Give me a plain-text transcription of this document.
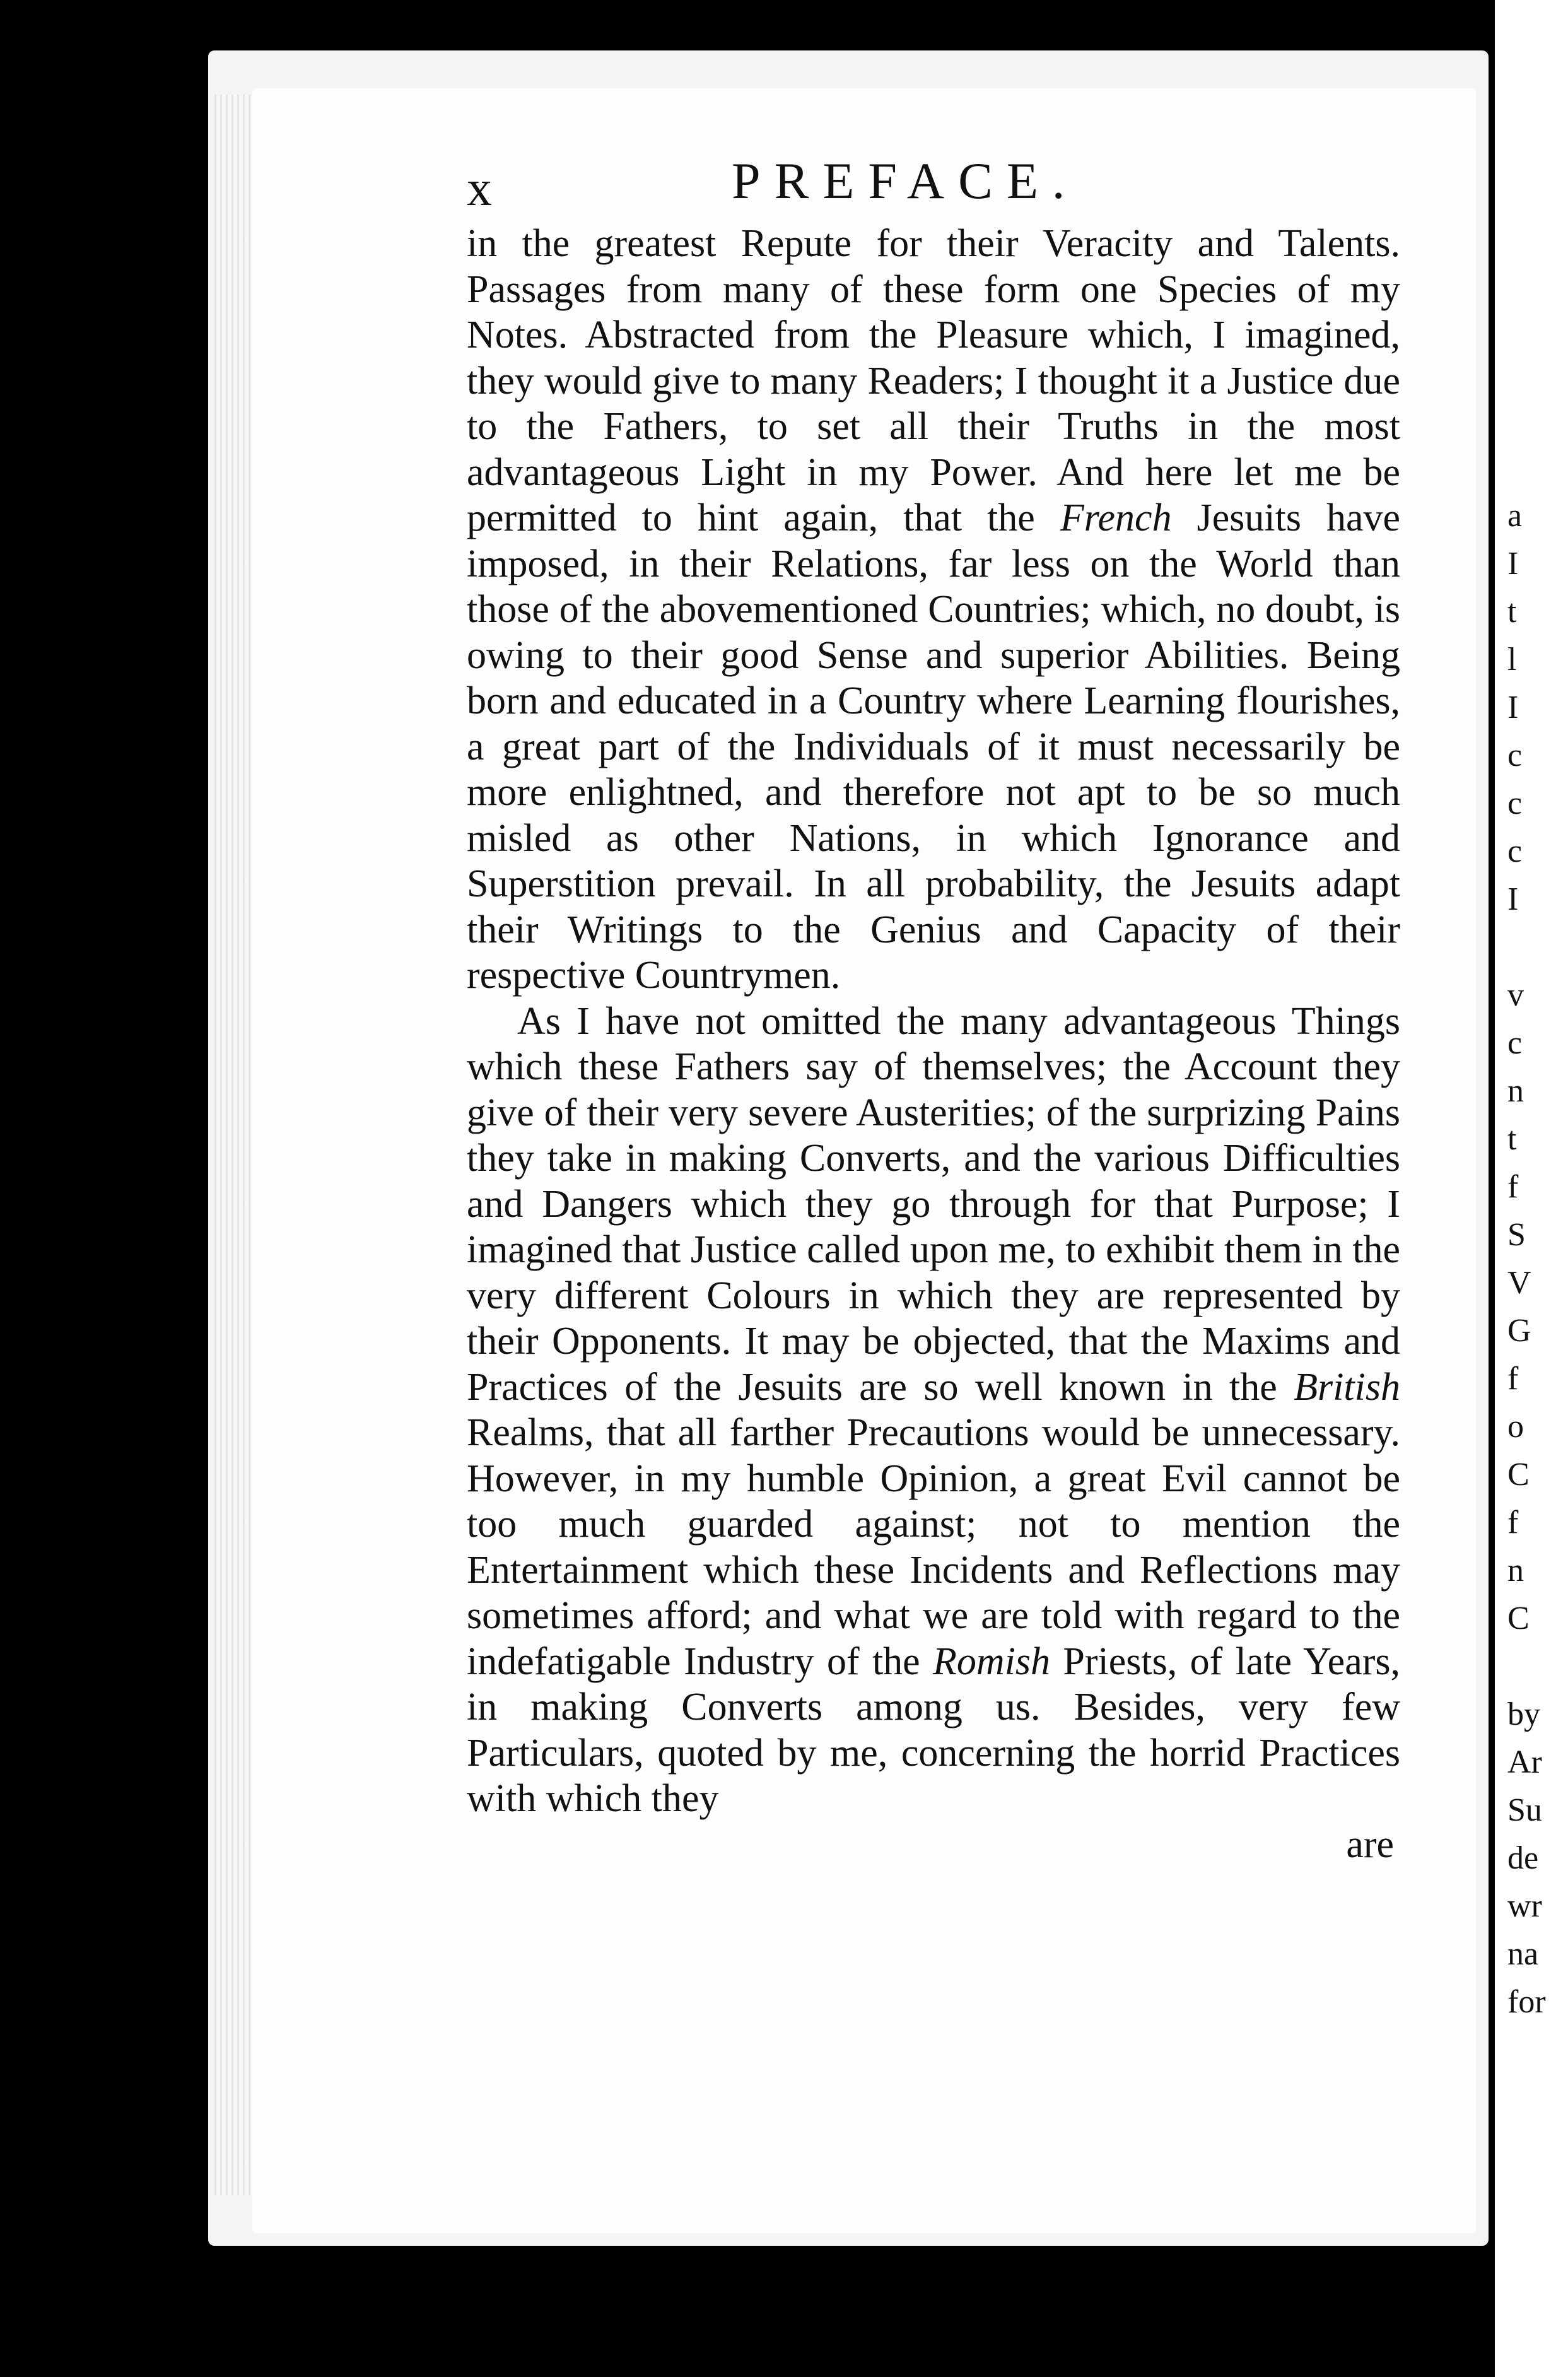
a
I
t
l
I
c
c
c
I

v
c
n
t
f
S
V
G
f
o
C
f
n
C

by
Ar
Su
de
wr
na
for
x	PREFACE.

in the greatest Repute for their Veracity and Talents. Passages from many of these form one Species of my Notes. Abstracted from the Pleasure which, I imagined, they would give to many Readers; I thought it a Justice due to the Fathers, to set all their Truths in the most advantageous Light in my Power. And here let me be permitted to hint again, that the French Jesuits have imposed, in their Relations, far less on the World than those of the abovementioned Countries; which, no doubt, is owing to their good Sense and superior Abilities. Being born and educated in a Country where Learning flourishes, a great part of the Individuals of it must necessarily be more enlightned, and therefore not apt to be so much misled as other Nations, in which Ignorance and Superstition prevail. In all probability, the Jesuits adapt their Writings to the Genius and Capacity of their respective Countrymen.

As I have not omitted the many advantageous Things which these Fathers say of themselves; the Account they give of their very severe Austerities; of the surprizing Pains they take in making Converts, and the various Difficulties and Dangers which they go through for that Purpose; I imagined that Justice called upon me, to exhibit them in the very different Colours in which they are represented by their Opponents. It may be objected, that the Maxims and Practices of the Jesuits are so well known in the British Realms, that all farther Precautions would be unnecessary. However, in my humble Opinion, a great Evil cannot be too much guarded against; not to mention the Entertainment which these Incidents and Reflections may sometimes afford; and what we are told with regard to the indefatigable Industry of the Romish Priests, of late Years, in making Converts among us. Besides, very few Particulars, quoted by me, concerning the horrid Practices with which they

are
